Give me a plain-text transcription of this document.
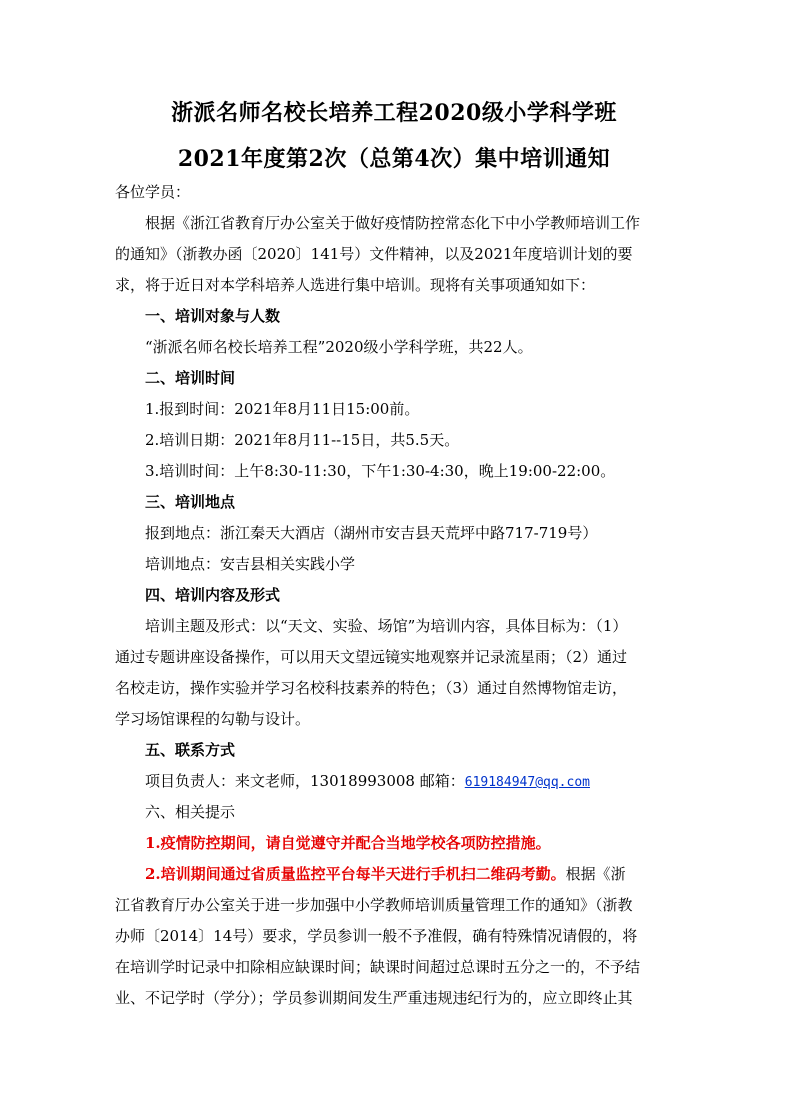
浙派名师名校长培养工程2020级小学科学班
2021年度第2次（总第4次）集中培训通知
各位学员：
根据《浙江省教育厅办公室关于做好疫情防控常态化下中小学教师培训工作
的通知》（浙教办函〔2020〕141号）文件精神，以及2021年度培训计划的要
求，将于近日对本学科培养人选进行集中培训。现将有关事项通知如下：
一、培训对象与人数
“浙派名师名校长培养工程”2020级小学科学班，共22人。
二、培训时间
1.报到时间：2021年8月11日15:00前。
2.培训日期：2021年8月11--15日，共5.5天。
3.培训时间：上午8:30-11:30，下午1:30-4:30，晚上19:00-22:00。
三、培训地点
报到地点：浙江秦天大酒店（湖州市安吉县天荒坪中路717-719号）
培训地点：安吉县相关实践小学
四、培训内容及形式
培训主题及形式：以“天文、实验、场馆”为培训内容，具体目标为：（1）
通过专题讲座设备操作，可以用天文望远镜实地观察并记录流星雨；（2）通过
名校走访，操作实验并学习名校科技素养的特色；（3）通过自然博物馆走访，
学习场馆课程的勾勒与设计。
五、联系方式
项目负责人：来文老师，13018993008 邮箱：619184947@qq.com
六、相关提示
1.疫情防控期间，请自觉遵守并配合当地学校各项防控措施。
2.培训期间通过省质量监控平台每半天进行手机扫二维码考勤。根据《浙
江省教育厅办公室关于进一步加强中小学教师培训质量管理工作的通知》（浙教
办师〔2014〕14号）要求，学员参训一般不予准假，确有特殊情况请假的，将
在培训学时记录中扣除相应缺课时间；缺课时间超过总课时五分之一的，不予结
业、不记学时（学分）；学员参训期间发生严重违规违纪行为的，应立即终止其
